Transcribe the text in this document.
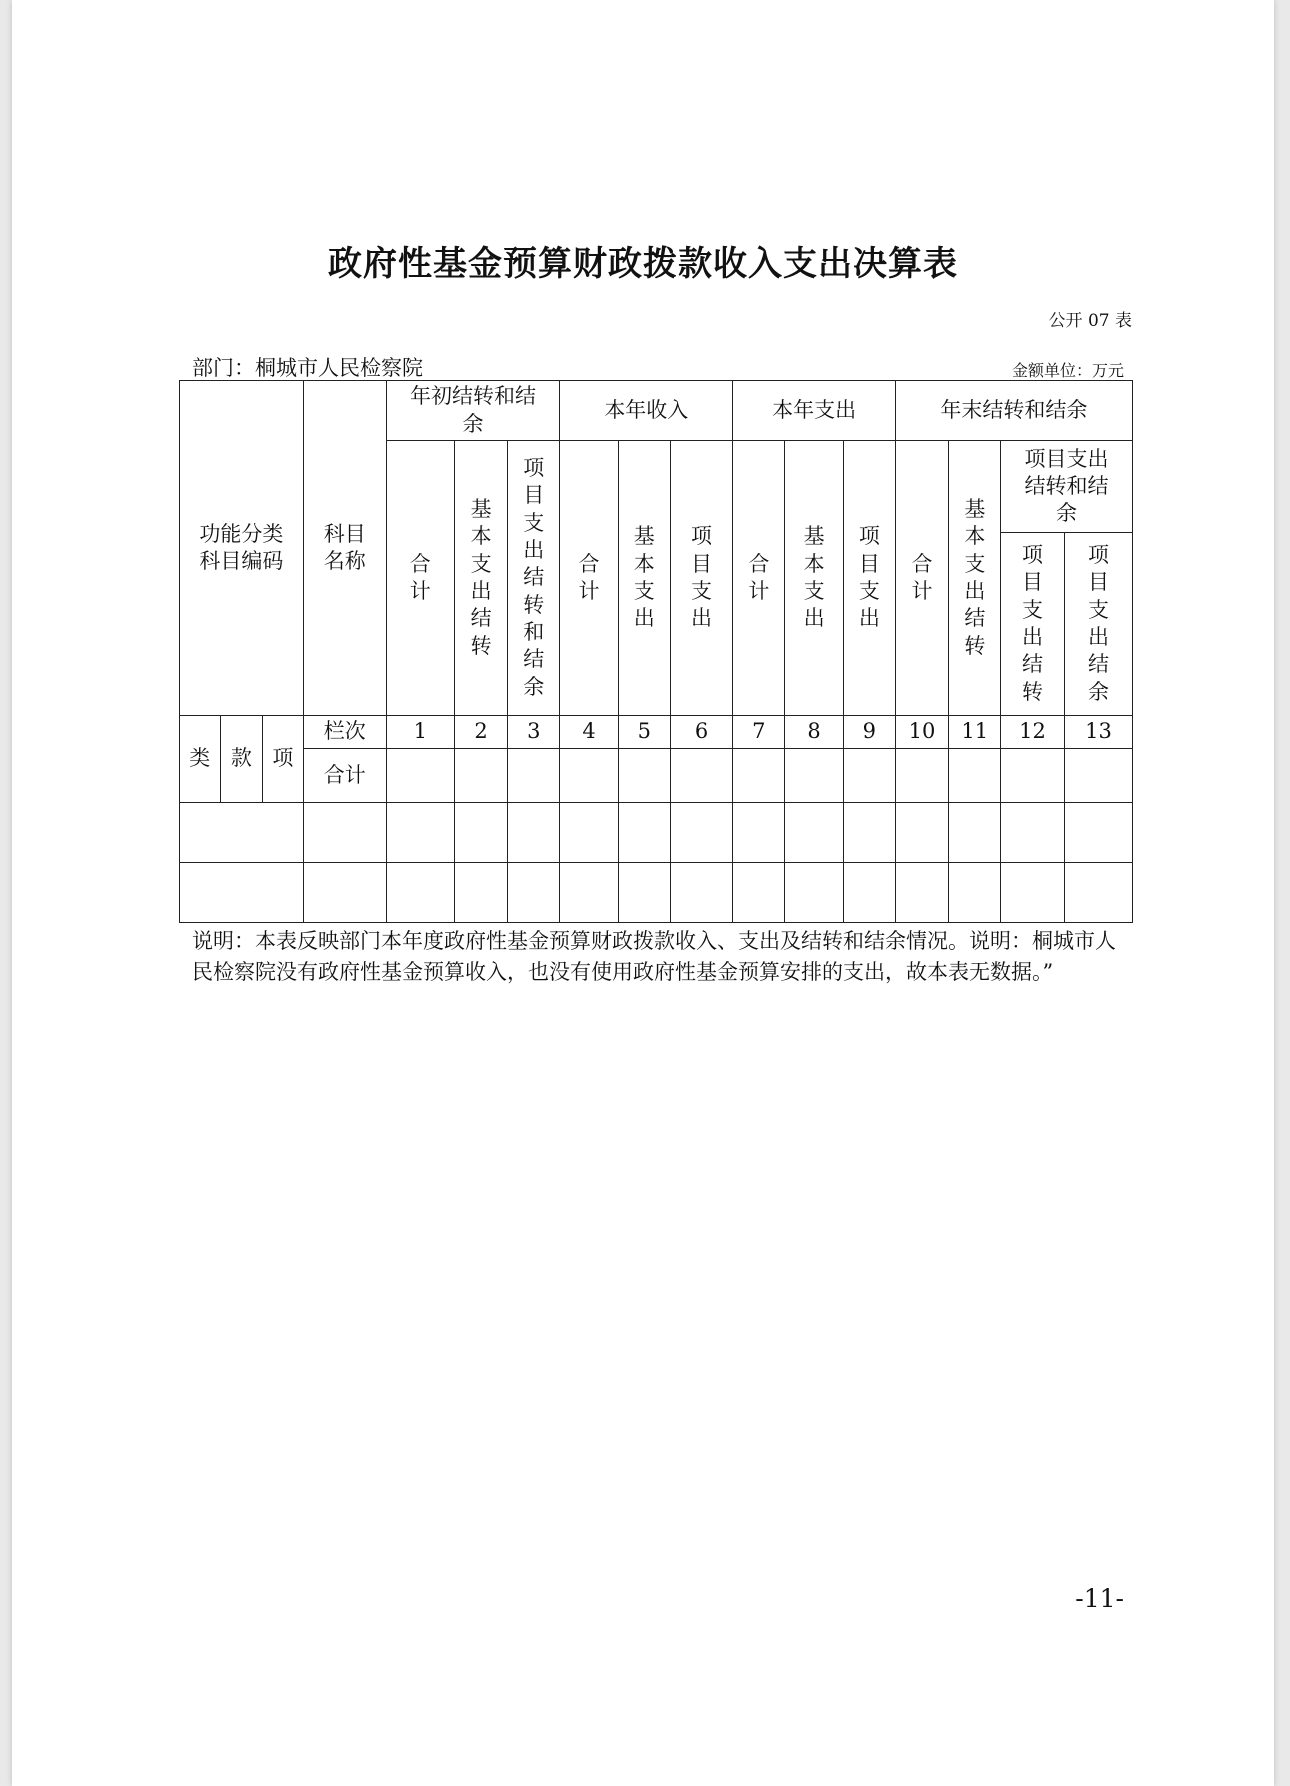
政府性基金预算财政拨款收入支出决算表
公开 07 表
部门：桐城市人民检察院	金额单位：万元
功能分类科目编码			科目名称	年初结转和结余			本年收入			本年支出			年末结转和结余			
				合计	基本支出结转	项目支出结转和结余	合计	基本支出	项目支出	合计	基本支出	项目支出	合计	基本支出结转	项目支出结转和结余	
															项目支出结转	项目支出结余
类	款	项	栏次	1	2	3	4	5	6	7	8	9	10	11	12	13
			合计													

说明：本表反映部门本年度政府性基金预算财政拨款收入、支出及结转和结余情况。说明：桐城市人民检察院没有政府性基金预算收入，也没有使用政府性基金预算安排的支出，故本表无数据。”
-11-
